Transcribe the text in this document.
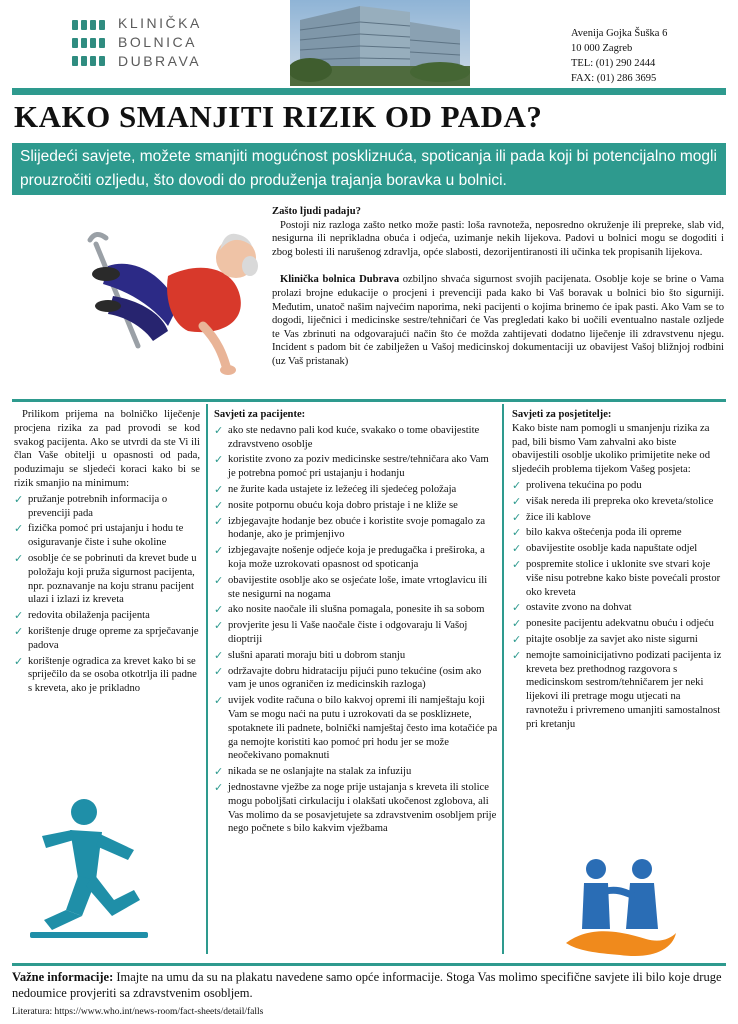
KLINIČKA
BOLNICA
DUBRAVA
Avenija Gojka Šuška 6
10 000 Zagreb
TEL: (01) 290 2444
FAX: (01) 286 3695
KAKO SMANJITI RIZIK OD PADA?
Slijedeći savjete, možete smanjiti mogućnost posklizнuća, spoticanja ili pada koji bi potencijalno mogli prouzročiti ozljedu, što dovodi do produženja trajanja boravka u bolnici.
Zašto ljudi padaju?

Postoji niz razloga zašto netko može pasti: loša ravnoteža, neposredno okruženje ili prepreke, slab vid, nesigurna ili neprikladna obuća i odjeća, uzimanje nekih lijekova. Padovi u bolnici mogu se dogoditi i zbog bolesti ili narušenog zdravlja, opće slabosti, dezorijentiranosti ili učinka tek propisanih lijekova.

Klinička bolnica Dubrava ozbiljno shvaća sigurnost svojih pacijenata. Osoblje koje se brine o Vama prolazi brojne edukacije o procjeni i prevenciji pada kako bi Vaš boravak u bolnici bio što sigurniji. Međutim, unatoč našim najvećim naporima, neki pacijenti o kojima brinemo će ipak pasti. Ako Vam se to dogodi, liječnici i medicinske sestre/tehničari će Vas pregledati kako bi uočili eventualno nastale ozljede te Vas zbrinuti na odgovarajući način što će možda zahtijevati dodatno liječenje ili zdravstvenu njegu. Incident s padom bit će zabilježen u Vašoj medicinskoj dokumentaciji uz obavijest Vašoj bližnjoj rodbini (uz Vaš pristanak)

Prilikom prijema na bolničko liječenje procjena rizika za pad provodi se kod svakog pacijenta. Ako se utvrdi da ste Vi ili član Vaše obitelji u opasnosti od pada, poduzimaju se sljedeći koraci kako bi se rizik smanjio na minimum:
✓ pružanje potrebnih informacija o prevenciji pada
✓ fizička pomoć pri ustajanju i hodu te osiguravanje čiste i suhe okoline
✓ osoblje će se pobrinuti da krevet bude u položaju koji pruža sigurnost pacijenta, npr. poznavanje na koju stranu pacijent ulazi i izlazi iz kreveta
✓ redovita obilažеnja pacijenta
✓ korištenje druge opreme za sprječavanje padova
✓ korištenje ogradica za krevet kako bi se spriječilo da se osoba otkotrlja ili padne s kreveta, ako je prikladno
Savjeti za pacijente:
✓ ako ste nedavno pali kod kuće, svakako o tome obavijestite zdravstveno osoblje
✓ koristite zvono za poziv medicinske sestre/tehničara ako Vam je potrebna pomoć pri ustajanju i hodanju
✓ ne žurite kada ustajete iz ležećeg ili sjedećeg položaja
✓ nosite potpornu obuću koja dobro pristaje i ne kliže se
✓ izbjegavajte hodanje bez obuće i koristite svoje pomagalo za hodanje, ako je primjenjivo
✓ izbjegavajte nošenje odjeće koja je predugačka i preširoka, a koja može uzrokovati opasnost od spoticanja
✓ obavijestite osoblje ako se osjećate loše, imate vrtoglavicu ili ste nesigurni na nogama
✓ ako nosite naočale ili slušna pomagala, ponesite ih sa sobom
✓ provjerite jesu li Vaše naočale čiste i odgovaraju li Vašoj dioptriji
✓ slušni aparati moraju biti u dobrom stanju
✓ održavajte dobru hidrataciju pijući puno tekućine (osim ako vam je unos ograničen iz medicinskih razloga)
✓ uvijek vodite računa o bilo kakvoj opremi ili namještaju koji Vam se mogu naći na putu i uzrokovati da se posklizнete, spotaknete ili padnete, bolnički namještaj često ima kotačiće pa ga nemojte koristiti kao pomoć pri hodu jer se može neočekivano pomaknuti
✓ nikada se ne oslanjajte na stalak za infuziju
✓ jednostavne vježbe za noge prije ustajanja s kreveta ili stolice mogu poboljšati cirkulaciju i olakšati ukočenost zglobova, ali Vas molimo da se posavjetujete sa zdravstvenim osobljem prije nego počnete s bilo kakvim vježbama
Savjeti za posjetitelje:
Kako biste nam pomogli u smanjenju rizika za pad, bili bismo Vam zahvalni ako biste obavijestili osoblje ukoliko primijetite neke od sljedećih problema tijekom Vašeg posjeta:
✓ prolivena tekućina po podu
✓ višak nereda ili prepreka oko kreveta/stolice
✓ žice ili kablove
✓ bilo kakva oštećenja poda ili opreme
✓ obavijestite osoblje kada napuštate odjel
✓ pospremite stolice i uklonite sve stvari koje više nisu potrebne kako biste povećali prostor oko kreveta
✓ ostavite zvono na dohvat
✓ ponesite pacijentu adekvatnu obuću i odjeću
✓ pitajte osoblje za savjet ako niste sigurni
✓ nemojte samoinicijativno podizati pacijenta iz kreveta bez prethodnog razgovora s medicinskom sestrom/tehničarem jer neki lijekovi ili pretrage mogu utjecati na ravnotežu i privremeno umanjiti samostalnost pri kretanju
Važne informacije: Imajte na umu da su na plakatu navedene samo opće informacije. Stoga Vas molimo specifične savjete ili bilo koje druge nedoumice provjeriti sa zdravstvenim osobljem.
Literatura: https://www.who.int/news-room/fact-sheets/detail/falls
